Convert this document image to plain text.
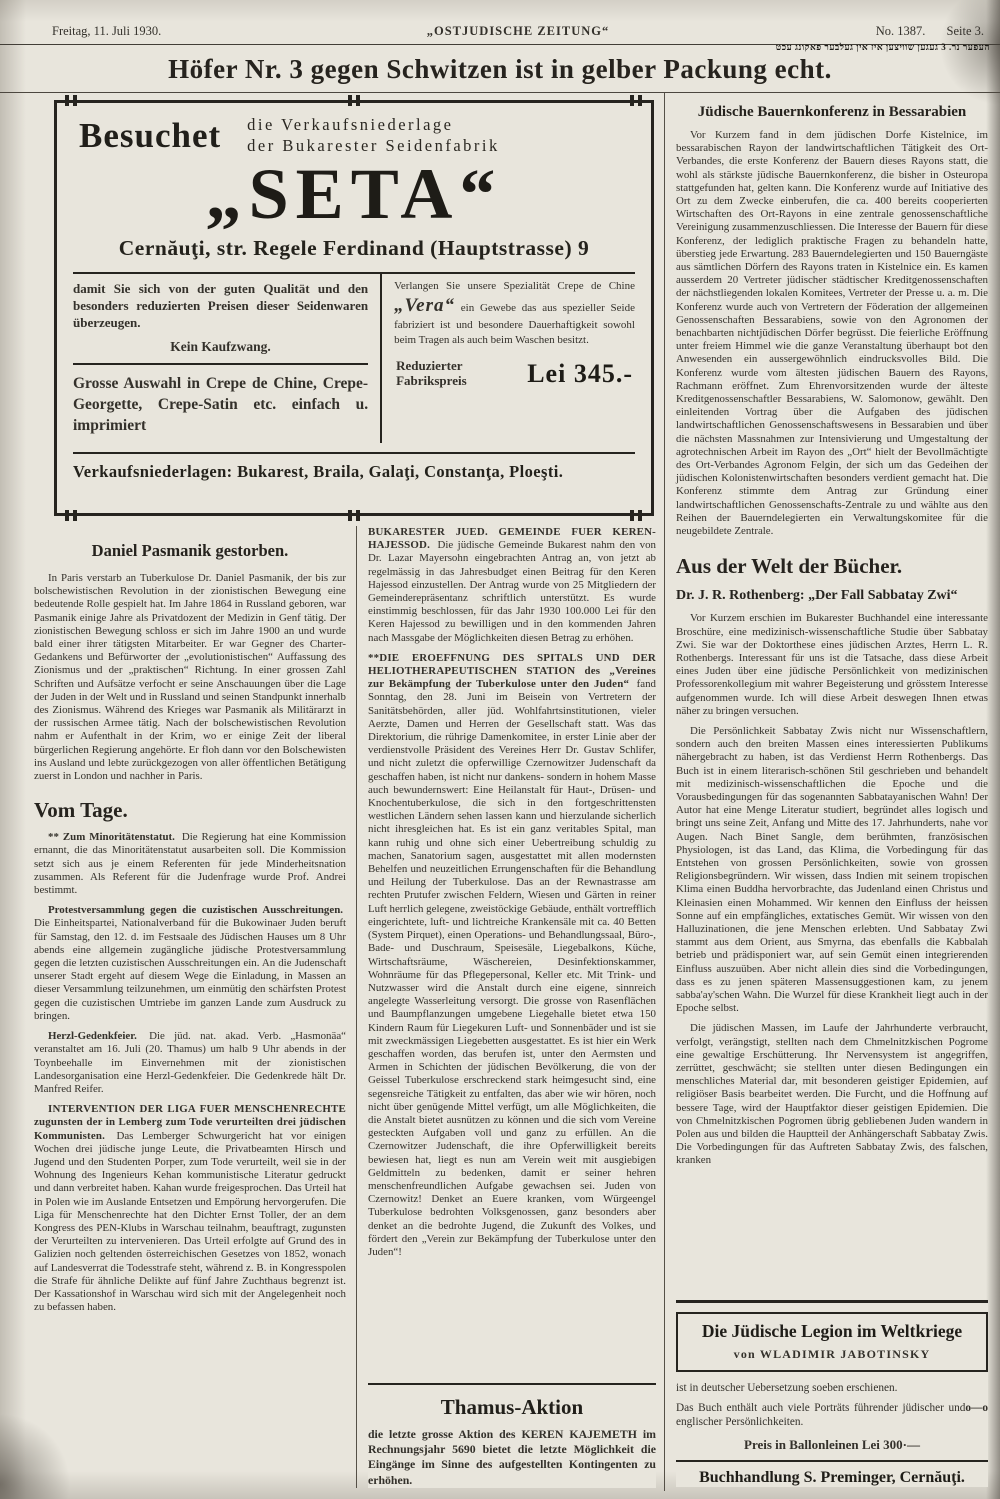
Freitag, 11. Juli 1930.	„OSTJUDISCHE ZEITUNG“	No. 1387. Seite 3.
העפער נר. 3 געגען שוויצען איז אין געלבער פאקונג עכט
Höfer Nr. 3 gegen Schwitzen ist in gelber Packung echt.
Besuchet die Verkaufsniederlage
der Bukarester Seidenfabrik
„SETA“
Cernăuţi, str. Regele Ferdinand (Hauptstrasse) 9

damit Sie sich von der guten Qualität und den besonders reduzierten Preisen dieser Seidenwaren überzeugen.

Kein Kaufzwang.
Grosse Auswahl in Crepe de Chine, Crepe-Georgette, Crepe-Satin etc. einfach u. imprimiert

Verlangen Sie unsere Spezialität Crepe de Chine „Vera“ ein Gewebe das aus spezieller Seide fabriziert ist und besondere Dauerhaftigkeit sowohl beim Tragen als auch beim Waschen besitzt.

Reduzierter
Fabrikspreis Lei 345.-
Verkaufsniederlagen: Bukarest, Braila, Galaţi, Constanţa, Ploeşti.
Daniel Pasmanik gestorben.

In Paris verstarb an Tuberkulose Dr. Daniel Pasmanik, der bis zur bolschewistischen Revolution in der zionistischen Bewegung eine bedeutende Rolle gespielt hat. Im Jahre 1864 in Russland geboren, war Pasmanik einige Jahre als Privatdozent der Medizin in Genf tätig. Der zionistischen Bewegung schloss er sich im Jahre 1900 an und wurde bald einer ihrer tätigsten Mitarbeiter. Er war Gegner des Charter-Gedankens und Befürworter der „evolutionistischen“ Auffassung des Zionismus und der „praktischen“ Richtung. In einer grossen Zahl Schriften und Aufsätze verfocht er seine Anschauungen über die Lage der Juden in der Welt und in Russland und seinen Standpunkt innerhalb des Zionismus. Während des Krieges war Pasmanik als Militärarzt in der russischen Armee tätig. Nach der bolschewistischen Revolution nahm er Aufenthalt in der Krim, wo er einige Zeit der liberal bürgerlichen Regierung angehörte. Er floh dann vor den Bolschewisten ins Ausland und lebte zurückgezogen von aller öffentlichen Betätigung zuerst in London und nachher in Paris.

Vom Tage.

** Zum Minoritätenstatut. Die Regierung hat eine Kommission ernannt, die das Minoritätenstatut ausarbeiten soll. Die Kommission setzt sich aus je einem Referenten für jede Minderheitsnation zusammen. Als Referent für die Judenfrage wurde Prof. Andrei bestimmt.

Protestversammlung gegen die cuzistischen Ausschreitungen. Die Einheitspartei, Nationalverband für die Bukowinaer Juden beruft für Samstag, den 12. d. im Festsaale des Jüdischen Hauses um 8 Uhr abends eine allgemein zugängliche jüdische Protestversammlung gegen die letzten cuzistischen Ausschreitungen ein. An die Judenschaft unserer Stadt ergeht auf diesem Wege die Einladung, in Massen an dieser Versammlung teilzunehmen, um einmütig den schärfsten Protest gegen die cuzistischen Umtriebe im ganzen Lande zum Ausdruck zu bringen.

Herzl-Gedenkfeier. Die jüd. nat. akad. Verb. „Hasmonäa“ veranstaltet am 16. Juli (20. Thamus) um halb 9 Uhr abends in der Toynbeehalle im Einvernehmen mit der zionistischen Landesorganisation eine Herzl-Gedenkfeier. Die Gedenkrede hält Dr. Manfred Reifer.

INTERVENTION DER LIGA FUER MENSCHENRECHTE zugunsten der in Lemberg zum Tode verurteilten drei jüdischen Kommunisten. Das Lemberger Schwurgericht hat vor einigen Wochen drei jüdische junge Leute, die Privatbeamten Hirsch und Jugend und den Studenten Porper, zum Tode verurteilt, weil sie in der Wohnung des Ingenieurs Kehan kommunistische Literatur gedruckt und dann verbreitet haben. Kahan wurde freigesprochen. Das Urteil hat in Polen wie im Auslande Entsetzen und Empörung hervorgerufen. Die Liga für Menschenrechte hat den Dichter Ernst Toller, der an dem Kongress des PEN-Klubs in Warschau teilnahm, beauftragt, zugunsten der Verurteilten zu intervenieren. Das Urteil erfolgte auf Grund des in Galizien noch geltenden österreichischen Gesetzes von 1852, wonach auf Landesverrat die Todesstrafe steht, während z. B. in Kongresspolen die Strafe für ähnliche Delikte auf fünf Jahre Zuchthaus begrenzt ist. Der Kassationshof in Warschau wird sich mit der Angelegenheit noch zu befassen haben.

BUKARESTER JUED. GEMEINDE FUER KEREN-HAJESSOD. Die jüdische Gemeinde Bukarest nahm den von Dr. Lazar Mayersohn eingebrachten Antrag an, von jetzt ab regelmässig in das Jahresbudget einen Beitrag für den Keren Hajessod einzustellen. Der Antrag wurde von 25 Mitgliedern der Gemeinderepräsentanz schriftlich unterstützt. Es wurde einstimmig beschlossen, für das Jahr 1930 100.000 Lei für den Keren Hajessod zu bewilligen und in den kommenden Jahren nach Massgabe der Möglichkeiten diesen Betrag zu erhöhen.

**DIE EROEFFNUNG DES SPITALS UND DER HELIOTHERAPEUTISCHEN STATION des „Vereines zur Bekämpfung der Tuberkulose unter den Juden“ fand Sonntag, den 28. Juni im Beisein von Vertretern der Sanitätsbehörden, aller jüd. Wohlfahrtsinstitutionen, vieler Aerzte, Damen und Herren der Gesellschaft statt. Was das Direktorium, die rührige Damenkomitee, in erster Linie aber der verdienstvolle Präsident des Vereines Herr Dr. Gustav Schlifer, und nicht zuletzt die opferwillige Czernowitzer Judenschaft da geschaffen haben, ist nicht nur dankens- sondern in hohem Masse auch bewundernswert: Eine Heilanstalt für Haut-, Drüsen- und Knochentuberkulose, die sich in den fortgeschrittensten westlichen Ländern sehen lassen kann und hierzulande sicherlich nicht ihresgleichen hat. Es ist ein ganz veritables Spital, man kann ruhig und ohne sich einer Uebertreibung schuldig zu machen, Sanatorium sagen, ausgestattet mit allen modernsten Behelfen und neuzeitlichen Errungenschaften für die Behandlung und Heilung der Tuberkulose. Das an der Rewnastrasse am rechten Prutufer zwischen Feldern, Wiesen und Gärten in reiner Luft herrlich gelegene, zweistöckige Gebäude, enthält vortrefflich eingerichtete, luft- und lichtreiche Krankensäle mit ca. 40 Betten (System Pirquet), einen Operations- und Behandlungssaal, Büro-, Bade- und Duschraum, Speisesäle, Liegebalkons, Küche, Wirtschaftsräume, Wäschereien, Desinfektionskammer, Wohnräume für das Pflegepersonal, Keller etc. Mit Trink- und Nutzwasser wird die Anstalt durch eine eigene, sinnreich angelegte Wasserleitung versorgt. Die grosse von Rasenflächen und Baumpflanzungen umgebene Liegehalle bietet etwa 150 Kindern Raum für Liegekuren Luft- und Sonnenbäder und ist sie mit zweckmässigen Liegebetten ausgestattet. Es ist hier ein Werk geschaffen worden, das berufen ist, unter den Aermsten und Armen in Schichten der jüdischen Bevölkerung, die von der Geissel Tuberkulose erschreckend stark heimgesucht sind, eine segensreiche Tätigkeit zu entfalten, das aber wie wir hören, noch nicht über genügende Mittel verfügt, um alle Möglichkeiten, die die Anstalt bietet ausnützen zu können und die sich vom Vereine gesteckten Aufgaben voll und ganz zu erfüllen. An die Czernowitzer Judenschaft, die ihre Opferwilligkeit bereits bewiesen hat, liegt es nun am Verein weit mit ausgiebigen Geldmitteln zu bedenken, damit er seiner hehren menschenfreundlichen Aufgabe gewachsen sei. Juden von Czernowitz! Denket an Euere kranken, vom Würgeengel Tuberkulose bedrohten Volksgenossen, ganz besonders aber denket an die bedrohte Jugend, die Zukunft des Volkes, und fördert den „Verein zur Bekämpfung der Tuberkulose unter den Juden“!

Thamus-Aktion

die letzte grosse Aktion des KEREN KAJEMETH im Rechnungsjahr 5690 bietet die letzte Möglichkeit die Eingänge im Sinne des aufgestellten Kontingenten zu erhöhen.

Jüdische Bauernkonferenz in Bessarabien

Vor Kurzem fand in dem jüdischen Dorfe Kistelnice, im bessarabischen Rayon der landwirtschaftlichen Tätigkeit des Ort-Verbandes, die erste Konferenz der Bauern dieses Rayons statt, die wohl als stärkste jüdische Bauernkonferenz, die bisher in Osteuropa stattgefunden hat, gelten kann. Die Konferenz wurde auf Initiative des Ort zu dem Zwecke einberufen, die ca. 400 bereits cooperierten Wirtschaften des Ort-Rayons in eine zentrale genossenschaftliche Vereinigung zusammenzuschliessen. Die Interesse der Bauern für diese Konferenz, der lediglich praktische Fragen zu behandeln hatte, überstieg jede Erwartung. 283 Bauerndelegierten und 150 Bauerngäste aus sämtlichen Dörfern des Rayons traten in Kistelnice ein. Es kamen ausserdem 20 Vertreter jüdischer städtischer Kreditgenossenschaften der nächstliegenden lokalen Komitees, Vertreter der Presse u. a. m. Die Konferenz wurde auch von Vertretern der Föderation der allgemeinen Genossenschaften Bessarabiens, sowie von den Agronomen der benachbarten nichtjüdischen Dörfer begrüsst. Die feierliche Eröffnung unter freiem Himmel wie die ganze Veranstaltung überhaupt bot den Anwesenden ein aussergewöhnlich eindrucksvolles Bild. Die Konferenz wurde vom ältesten jüdischen Bauern des Rayons, Rachmann eröffnet. Zum Ehrenvorsitzenden wurde der älteste Kreditgenossenschaftler Bessarabiens, W. Salomonow, gewählt. Den einleitenden Vortrag über die Aufgaben des jüdischen landwirtschaftlichen Genossenschaftswesens in Bessarabien und über die nächsten Massnahmen zur Intensivierung und Umgestaltung der agrotechnischen Arbeit im Rayon des „Ort“ hielt der Bevollmächtigte des Ort-Verbandes Agronom Felgin, der sich um das Gedeihen der jüdischen Kolonistenwirtschaften besonders verdient gemacht hat. Die Konferenz stimmte dem Antrag zur Gründung einer landwirtschaftlichen Genossenschafts-Zentrale zu und wählte aus den Reihen der Bauerndelegierten ein Verwaltungskomitee für die neugebildete Zentrale.

Aus der Welt der Bücher.
Dr. J. R. Rothenberg: „Der Fall Sabbatay Zwi“

Vor Kurzem erschien im Bukarester Buchhandel eine interessante Broschüre, eine medizinisch-wissenschaftliche Studie über Sabbatay Zwi. Sie war der Doktorthese eines jüdischen Arztes, Herrn L. R. Rothenbergs. Interessant für uns ist die Tatsache, dass diese Arbeit eines Juden über eine jüdische Persönlichkeit von medizinischen Professorenkollegium mit wahrer Begeisterung und grösstem Interesse aufgenommen wurde. Ich will diese Arbeit deswegen Ihnen etwas näher zu bringen versuchen.

Die Persönlichkeit Sabbatay Zwis nicht nur Wissenschaftlern, sondern auch den breiten Massen eines interessierten Publikums nähergebracht zu haben, ist das Verdienst Herrn Rothenbergs. Das Buch ist in einem literarisch-schönen Stil geschrieben und behandelt mit medizinisch-wissenschaftlichen die Epoche und die Vorausbedingungen für das sogenannten Sabbatayanischen Wahn! Der Autor hat eine Menge Literatur studiert, begründet alles logisch und bringt uns seine Zeit, Anfang und Mitte des 17. Jahrhunderts, nahe vor Augen. Nach Binet Sangle, dem berühmten, französischen Physiologen, ist das Land, das Klima, die Vorbedingung für das Entstehen von grossen Persönlichkeiten, sowie von grossen Religionsbegründern. Wir wissen, dass Indien mit seinem tropischen Klima einen Buddha hervorbrachte, das Judenland einen Christus und Kleinasien einen Mohammed. Wir kennen den Einfluss der heissen Sonne auf ein empfängliches, extatisches Gemüt. Wir wissen von den Halluzinationen, die jene Menschen erlebten. Und Sabbatay Zwi stammt aus dem Orient, aus Smyrna, das ebenfalls die Kabbalah betrieb und prädisponiert war, auf sein Gemüt einen integrierenden Einfluss auszuüben. Aber nicht allein dies sind die Vorbedingungen, dass es zu jenen späteren Massensuggestionen kam, zu jenem sabba'ay'schen Wahn. Die Wurzel für diese Krankheit liegt auch in der Epoche selbst.

Die jüdischen Massen, im Laufe der Jahrhunderte verbraucht, verfolgt, verängstigt, stellten nach dem Chmelnitzkischen Pogrome eine gewaltige Erschütterung. Ihr Nervensystem ist angegriffen, zerrüttet, geschwächt; sie stellten unter diesen Bedingungen ein menschliches Material dar, mit besonderen geistiger Epidemien, auf religiöser Basis bearbeitet werden. Die Furcht, und die Hoffnung auf bessere Tage, wird der Hauptfaktor dieser geistigen Epidemien. Die von Chmelnitzkischen Pogromen übrig gebliebenen Juden wandern in Polen aus und bilden die Hauptteil der Anhängerschaft Sabbatay Zwis. Die Vorbedingungen für das Auftreten Sabbatay Zwis, des falschen, kranken

Die Jüdische Legion im Weltkriege
von WLADIMIR JABOTINSKY

ist in deutscher Uebersetzung soeben erschienen.

o—o
Das Buch enthält auch viele Porträts führender jüdischer und englischer Persönlichkeiten.

Preis in Ballonleinen Lei 300·—
Buchhandlung S. Preminger, Cernăuţi.
